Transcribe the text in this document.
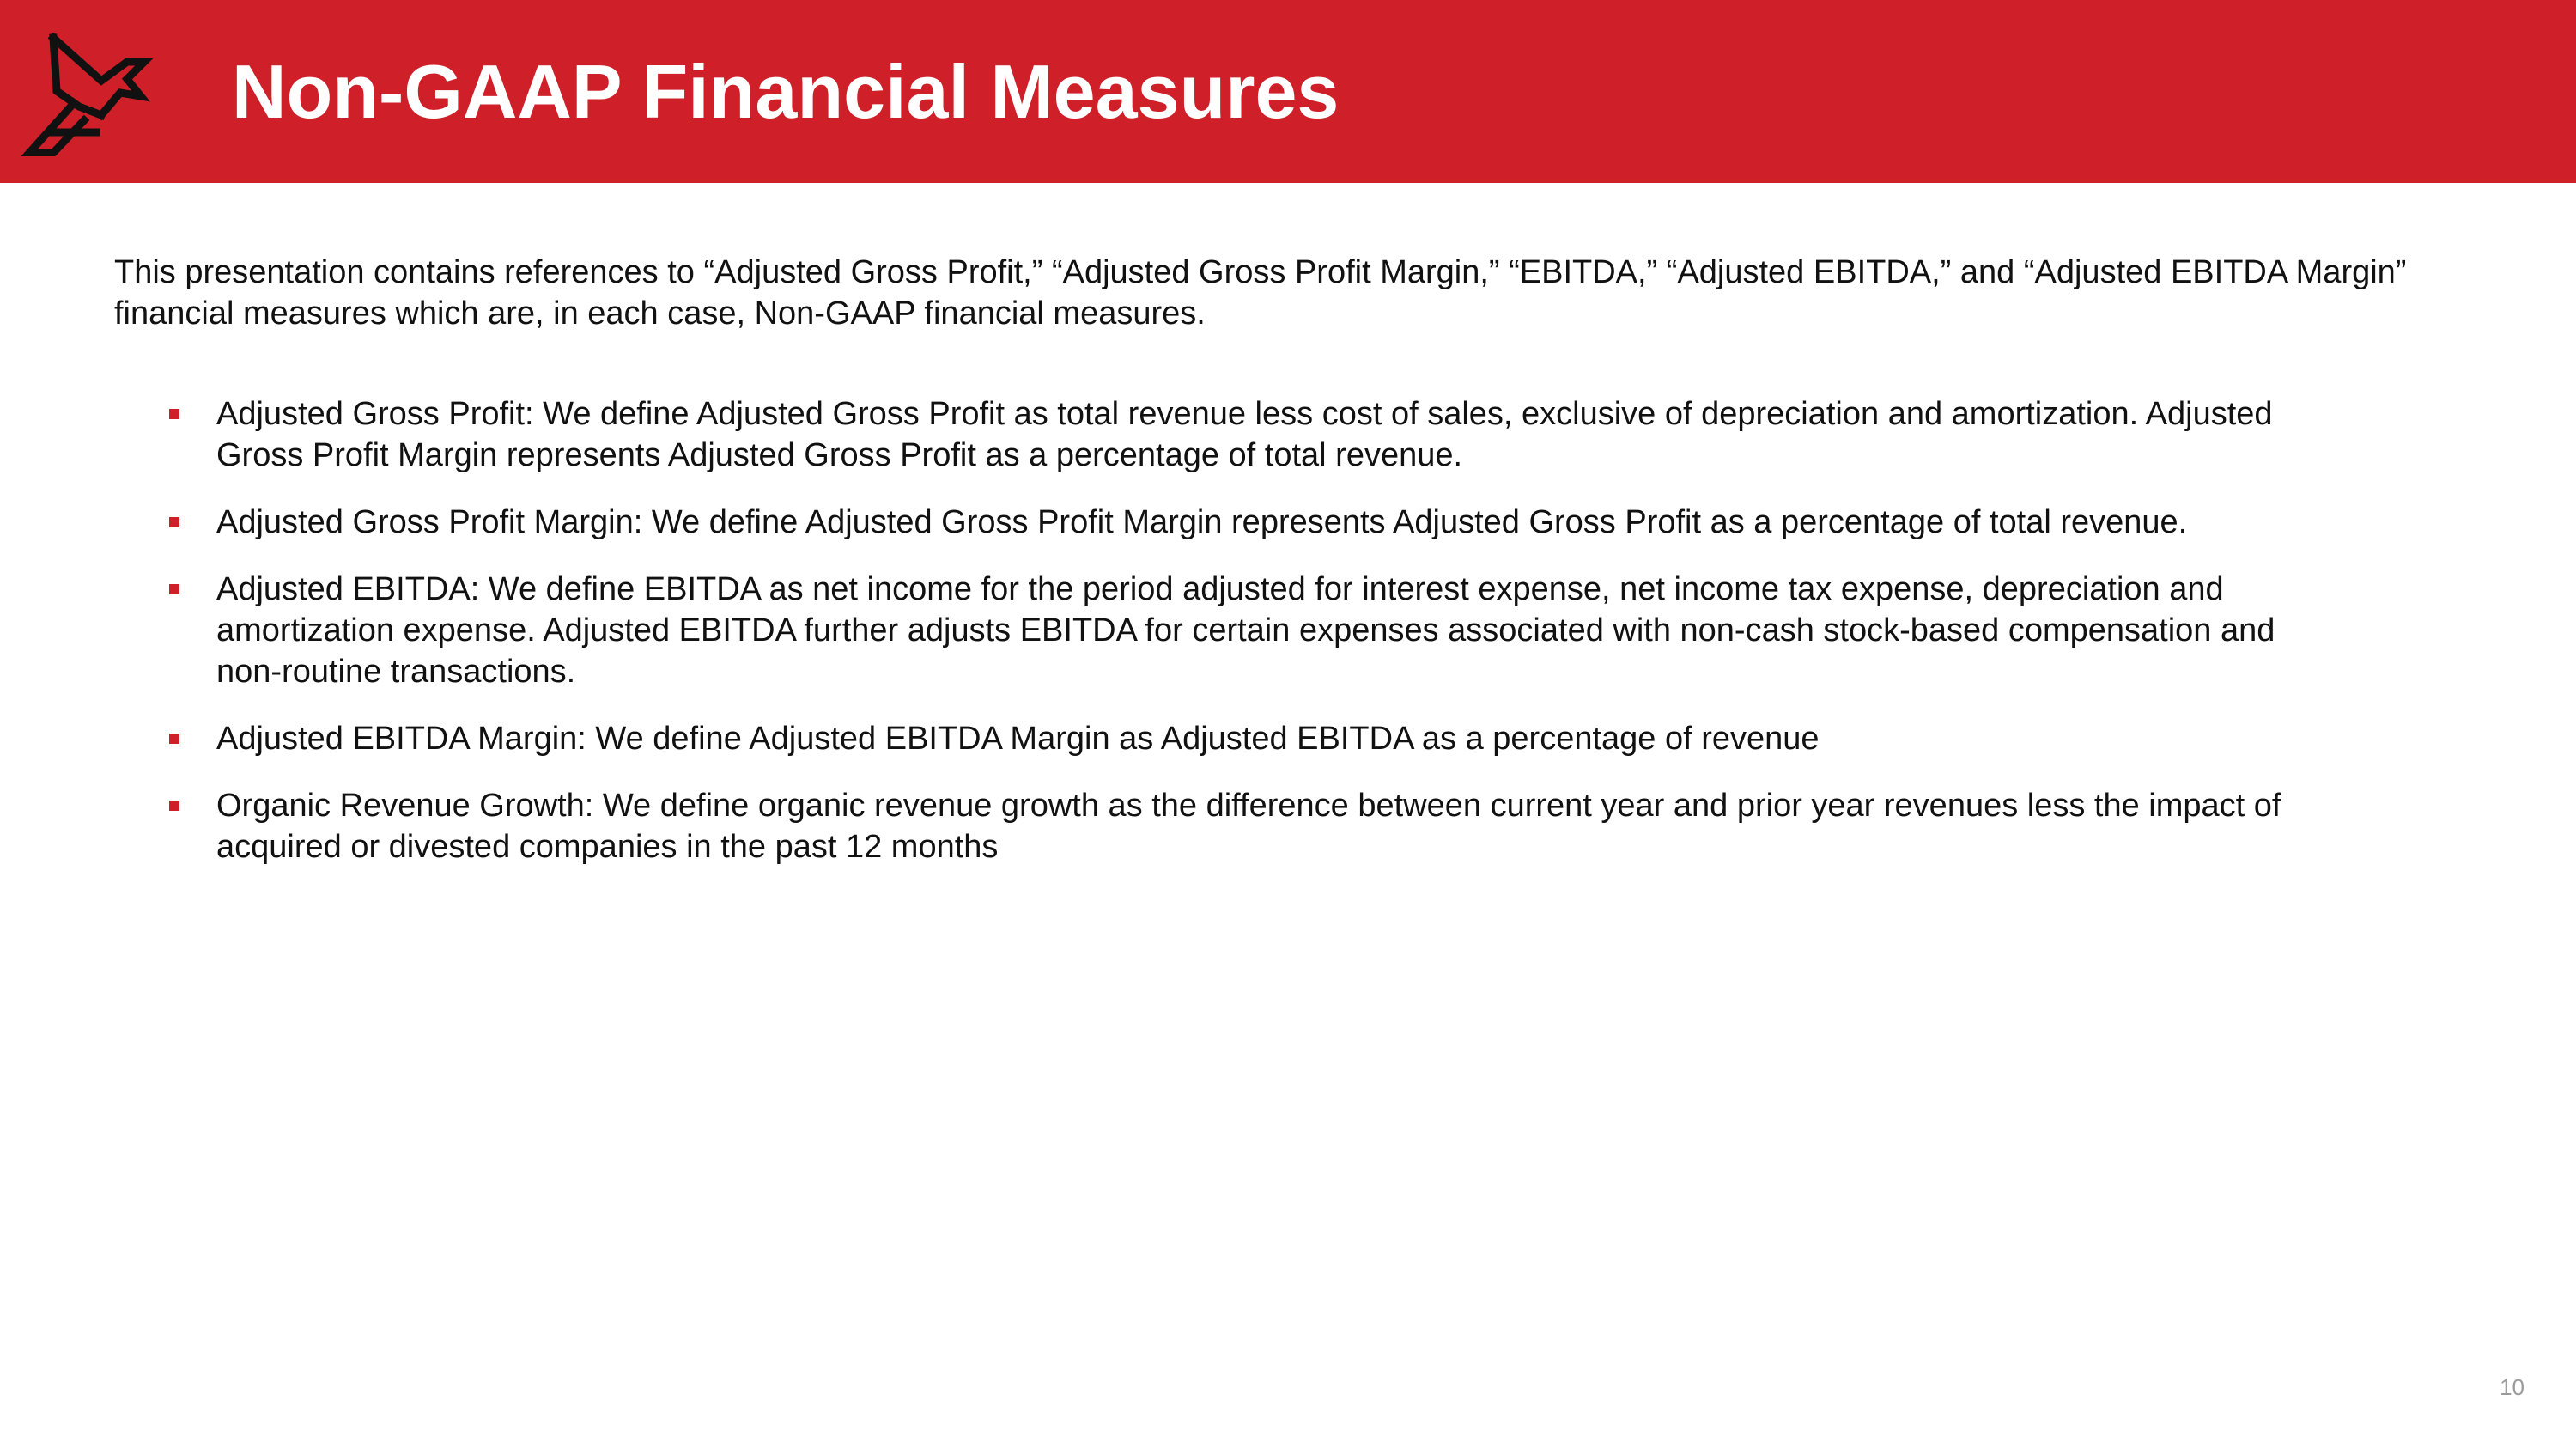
Non-GAAP Financial Measures

This presentation contains references to “Adjusted Gross Profit,” “Adjusted Gross Profit Margin,” “EBITDA,” “Adjusted EBITDA,” and “Adjusted EBITDA Margin” financial measures which are, in each case, Non-GAAP financial measures.

Adjusted Gross Profit: We define Adjusted Gross Profit as total revenue less cost of sales, exclusive of depreciation and amortization. Adjusted Gross Profit Margin represents Adjusted Gross Profit as a percentage of total revenue.
Adjusted Gross Profit Margin: We define Adjusted Gross Profit Margin represents Adjusted Gross Profit as a percentage of total revenue.
Adjusted EBITDA: We define EBITDA as net income for the period adjusted for interest expense, net income tax expense, depreciation and amortization expense. Adjusted EBITDA further adjusts EBITDA for certain expenses associated with non-cash stock-based compensation and non-routine transactions.
Adjusted EBITDA Margin: We define Adjusted EBITDA Margin as Adjusted EBITDA as a percentage of revenue
Organic Revenue Growth: We define organic revenue growth as the difference between current year and prior year revenues less the impact of acquired or divested companies in the past 12 months
10
